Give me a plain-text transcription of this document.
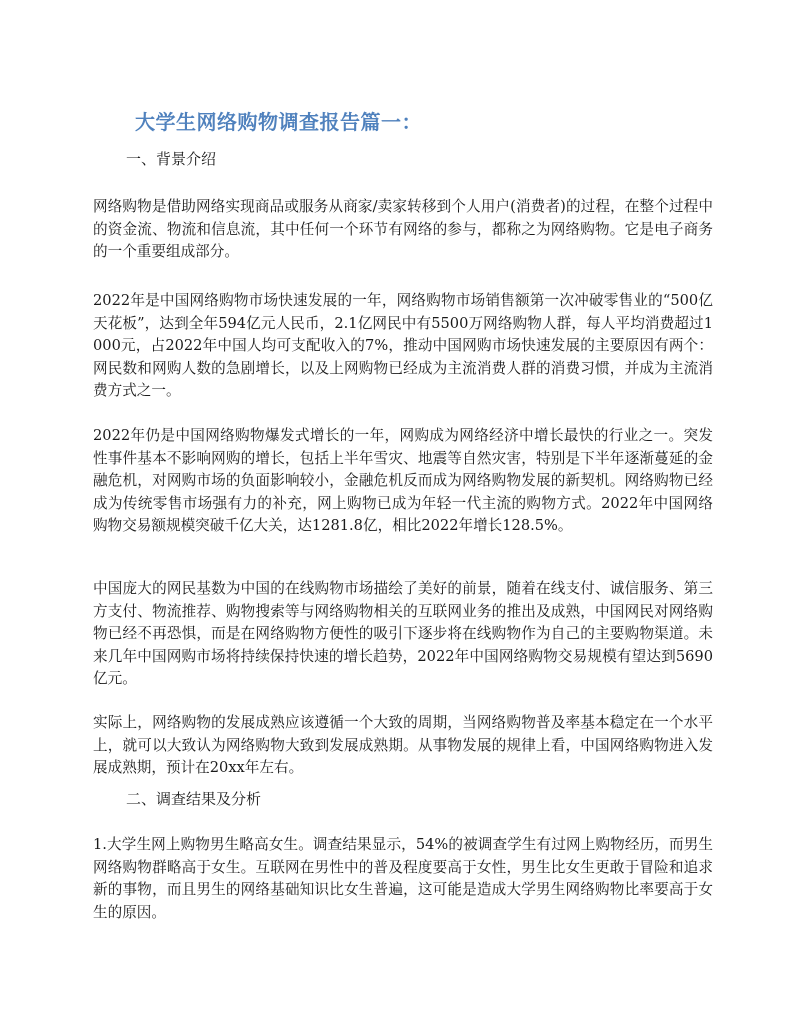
大学生网络购物调查报告篇一：
一、背景介绍

网络购物是借助网络实现商品或服务从商家/卖家转移到个人用户(消费者)的过程，在整个过程中的资金流、物流和信息流，其中任何一个环节有网络的参与，都称之为网络购物。它是电子商务的一个重要组成部分。

2022年是中国网络购物市场快速发展的一年，网络购物市场销售额第一次冲破零售业的“500亿天花板”，达到全年594亿元人民币，2.1亿网民中有5500万网络购物人群，每人平均消费超过1000元，占2022年中国人均可支配收入的7%，推动中国网购市场快速发展的主要原因有两个：网民数和网购人数的急剧增长，以及上网购物已经成为主流消费人群的消费习惯，并成为主流消费方式之一。

2022年仍是中国网络购物爆发式增长的一年，网购成为网络经济中增长最快的行业之一。突发性事件基本不影响网购的增长，包括上半年雪灾、地震等自然灾害，特别是下半年逐渐蔓延的金融危机，对网购市场的负面影响较小，金融危机反而成为网络购物发展的新契机。网络购物已经成为传统零售市场强有力的补充，网上购物已成为年轻一代主流的购物方式。2022年中国网络购物交易额规模突破千亿大关，达1281.8亿，相比2022年增长128.5%。

中国庞大的网民基数为中国的在线购物市场描绘了美好的前景，随着在线支付、诚信服务、第三方支付、物流推荐、购物搜索等与网络购物相关的互联网业务的推出及成熟，中国网民对网络购物已经不再恐惧，而是在网络购物方便性的吸引下逐步将在线购物作为自己的主要购物渠道。未来几年中国网购市场将持续保持快速的增长趋势，2022年中国网络购物交易规模有望达到5690亿元。

实际上，网络购物的发展成熟应该遵循一个大致的周期，当网络购物普及率基本稳定在一个水平上，就可以大致认为网络购物大致到发展成熟期。从事物发展的规律上看，中国网络购物进入发展成熟期，预计在20xx年左右。

二、调查结果及分析

1.大学生网上购物男生略高女生。调查结果显示，54%的被调查学生有过网上购物经历，而男生网络购物群略高于女生。互联网在男性中的普及程度要高于女性，男生比女生更敢于冒险和追求新的事物，而且男生的网络基础知识比女生普遍，这可能是造成大学男生网络购物比率要高于女生的原因。
